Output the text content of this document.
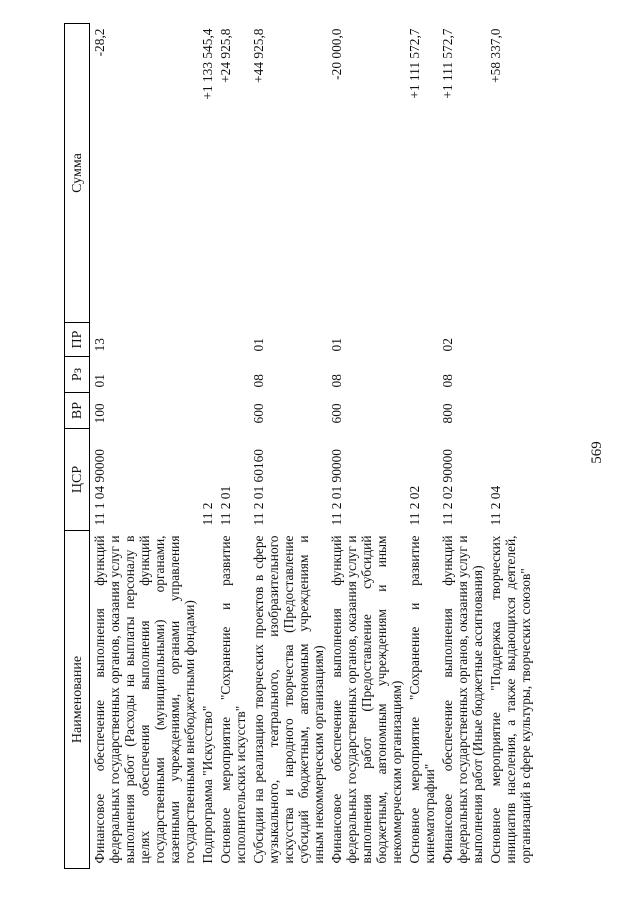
569
Наименование	ЦСР	ВР	Рз	ПР	Сумма
Финансовое обеспечение выполнения функций федеральных государственных органов, оказания услуг и выполнения работ (Расходы на выплаты персоналу в целях обеспечения выполнения функций государственными (муниципальными) органами, казенными учреждениями, органами управления государственными внебюджетными фондами)	11 1 04 90000	100	01	13	-28,2
Подпрограмма "Искусство"	11 2				+1 133 545,4
Основное мероприятие "Сохранение и развитие исполнительских искусств"	11 2 01				+24 925,8
Субсидии на реализацию творческих проектов в сфере музыкального, театрального, изобразительного искусства и народного творчества (Предоставление субсидий бюджетным, автономным учреждениям и иным некоммерческим организациям)	11 2 01 60160	600	08	01	+44 925,8
Финансовое обеспечение выполнения функций федеральных государственных органов, оказания услуг и выполнения работ (Предоставление субсидий бюджетным, автономным учреждениям и иным некоммерческим организациям)	11 2 01 90000	600	08	01	-20 000,0
Основное мероприятие "Сохранение и развитие кинематографии"	11 2 02				+1 111 572,7
Финансовое обеспечение выполнения функций федеральных государственных органов, оказания услуг и выполнения работ (Иные бюджетные ассигнования)	11 2 02 90000	800	08	02	+1 111 572,7
Основное мероприятие "Поддержка творческих инициатив населения, а также выдающихся деятелей, организаций в сфере культуры, творческих союзов"	11 2 04				+58 337,0
